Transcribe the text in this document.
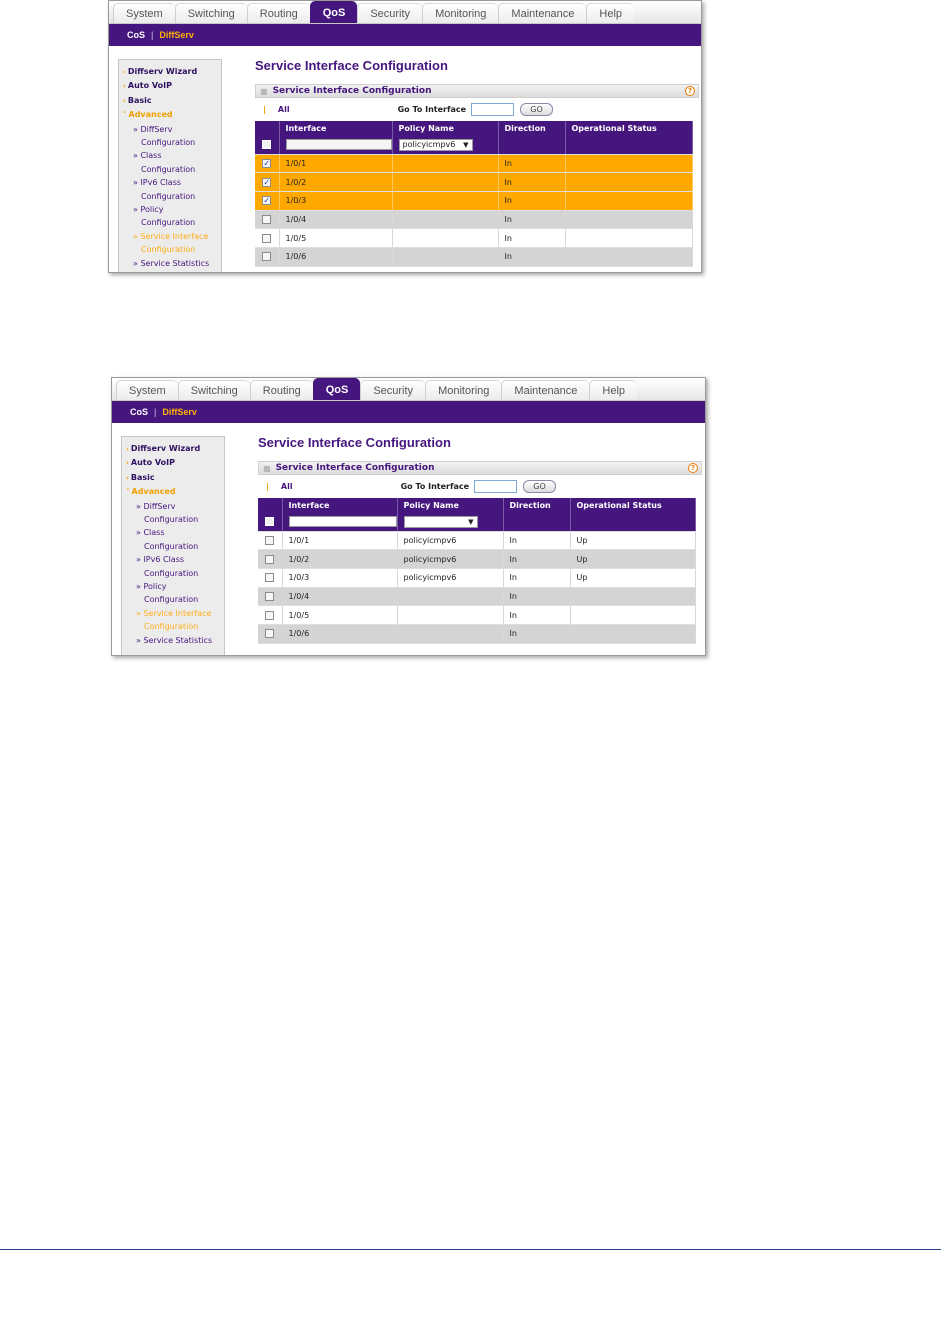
System	Switching	Routing	QoS	Security	Monitoring	Maintenance	Help
CoS | DiffServ
› Diffserv Wizard
› Auto VoIP
› Basic
˅ Advanced
» DiffServ
Configuration
» Class
Configuration
» IPv6 Class
Configuration
» Policy
Configuration
» Service Interface
Configuration
» Service Statistics
Service Interface Configuration
■ Service Interface Configuration	?
| All	Go To Interface	GO
	Interface	Policy Name	Direction	Operational Status

		policyicmpv6 ▼		

✓	1/0/1		In	
✓	1/0/2		In	
✓	1/0/3		In	
	1/0/4		In	
	1/0/5		In	
	1/0/6		In	
System	Switching	Routing	QoS	Security	Monitoring	Maintenance	Help
CoS | DiffServ
› Diffserv Wizard
› Auto VoIP
› Basic
˅ Advanced
» DiffServ
Configuration
» Class
Configuration
» IPv6 Class
Configuration
» Policy
Configuration
» Service Interface
Configuration
» Service Statistics
Service Interface Configuration
■ Service Interface Configuration	?
| All	Go To Interface	GO
	Interface	Policy Name	Direction	Operational Status

		▼		

	1/0/1	policyicmpv6	In	Up
	1/0/2	policyicmpv6	In	Up
	1/0/3	policyicmpv6	In	Up
	1/0/4		In	
	1/0/5		In	
	1/0/6		In	
